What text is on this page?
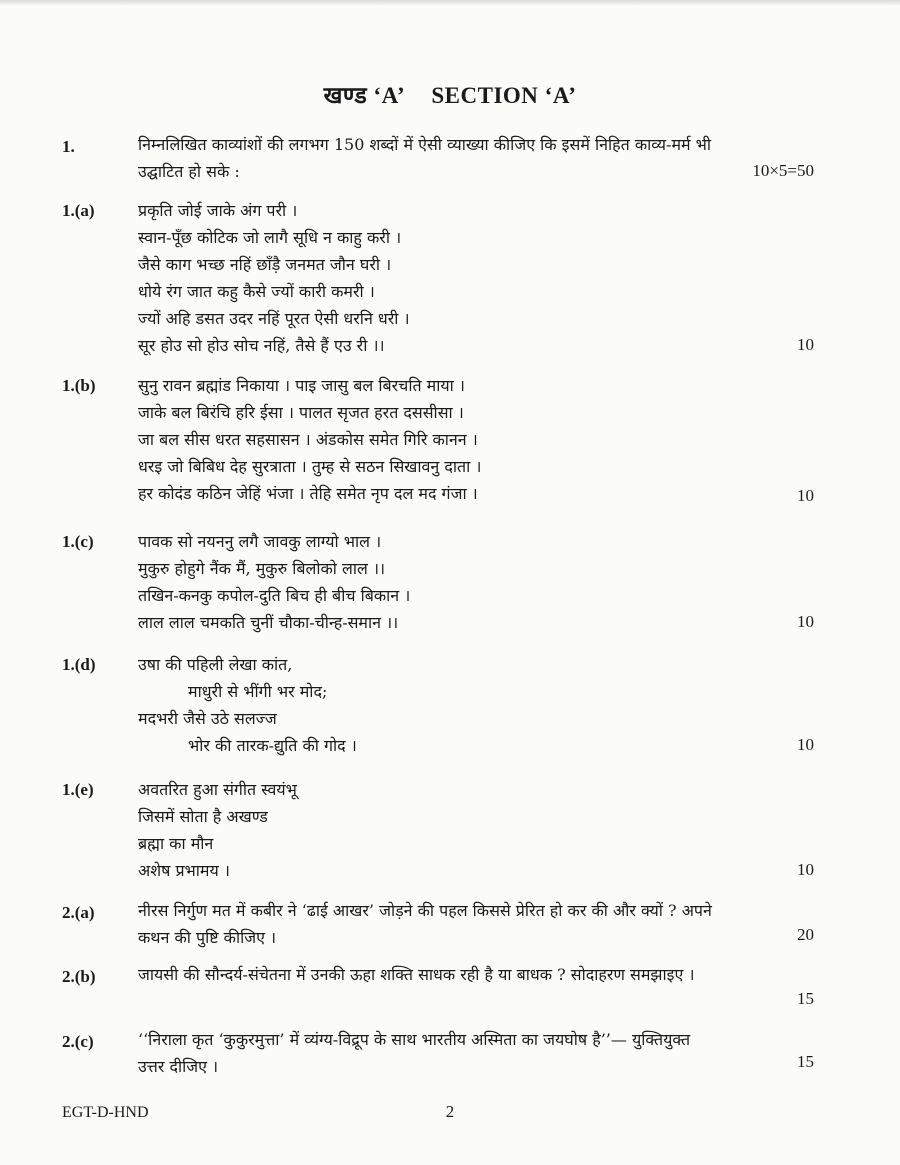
खण्ड ‘A’ SECTION ‘A’
1.	निम्नलिखित काव्यांशों की लगभग 150 शब्दों में ऐसी व्याख्या कीजिए कि इसमें निहित काव्य-मर्म भी
उद्घाटित हो सके :	10×5=50
1.(a)	प्रकृति जोई जाके अंग परी ।
स्वान-पूँछ कोटिक जो लागै सूधि न काहु करी ।
जैसे काग भच्छ नहिं छाँड़ै जनमत जौन घरी ।
धोये रंग जात कहु कैसे ज्यों कारी कमरी ।
ज्यों अहि डसत उदर नहिं पूरत ऐसी धरनि धरी ।
सूर होउ सो होउ सोच नहिं, तैसे हैं एउ री ।।	10
1.(b)	सुनु रावन ब्रह्मांड निकाया । पाइ जासु बल बिरचति माया ।
जाके बल बिरंचि हरि ईसा । पालत सृजत हरत दससीसा ।
जा बल सीस धरत सहसासन । अंडकोस समेत गिरि कानन ।
धरइ जो बिबिध देह सुरत्राता । तुम्ह से सठन सिखावनु दाता ।
हर कोदंड कठिन जेहिं भंजा । तेहि समेत नृप दल मद गंजा ।	10
1.(c)	पावक सो नयननु लगै जावकु लाग्यो भाल ।
मुकुरु होहुगे नैंक मैं, मुकुरु बिलोको लाल ।।
तखिन-कनकु कपोल-दुति बिच ही बीच बिकान ।
लाल लाल चमकति चुनीं चौका-चीन्ह-समान ।।	10
1.(d)	उषा की पहिली लेखा कांत,
माधुरी से भींगी भर मोद;
मदभरी जैसे उठे सलज्ज
भोर की तारक-द्युति की गोद ।	10
1.(e)	अवतरित हुआ संगीत स्वयंभू
जिसमें सोता है अखण्ड
ब्रह्मा का मौन
अशेष प्रभामय ।	10
2.(a)	नीरस निर्गुण मत में कबीर ने ‘ढाई आखर’ जोड़ने की पहल किससे प्रेरित हो कर की और क्यों ? अपने
कथन की पुष्टि कीजिए ।	20
2.(b)	जायसी की सौन्दर्य-संचेतना में उनकी ऊहा शक्ति साधक रही है या बाधक ? सोदाहरण समझाइए ।
15
2.(c)	‘‘निराला कृत ‘कुकुरमुत्ता’ में व्यंग्य-विद्रूप के साथ भारतीय अस्मिता का जयघोष है’’— युक्तियुक्त
उत्तर दीजिए ।	15
EGT-D-HND	2
